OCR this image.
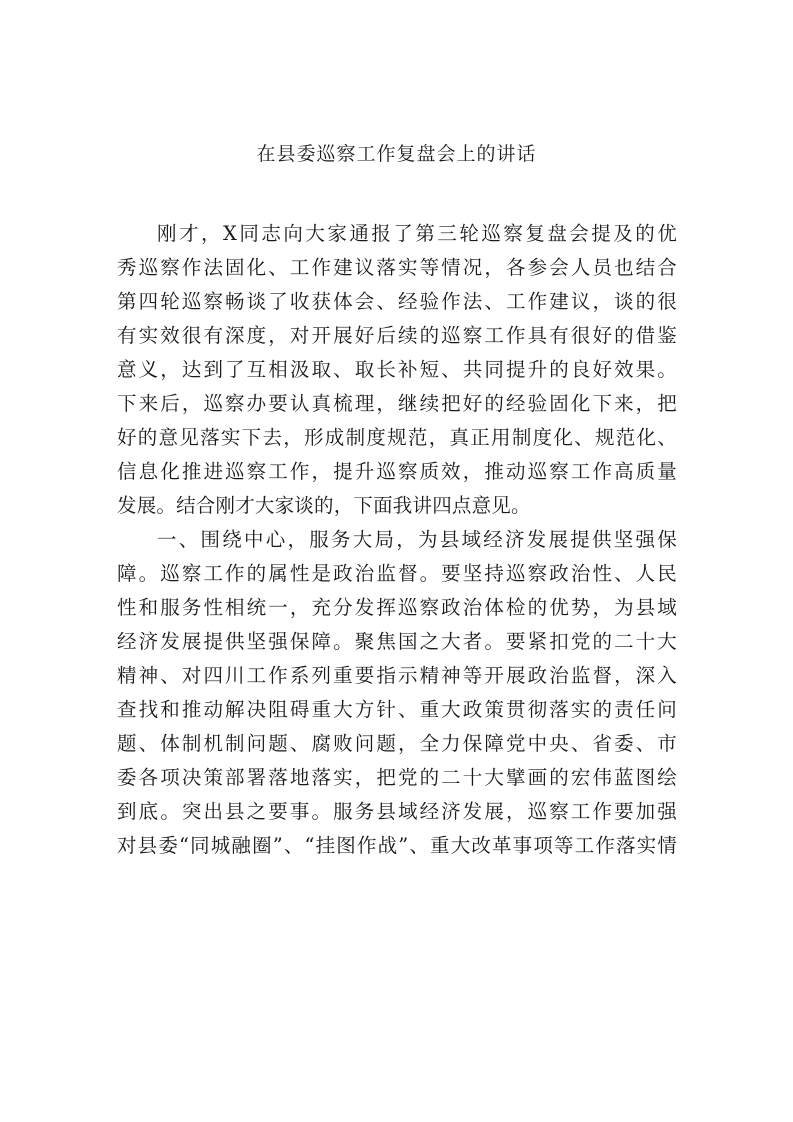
在县委巡察工作复盘会上的讲话
刚才，X同志向大家通报了第三轮巡察复盘会提及的优
秀巡察作法固化、工作建议落实等情况，各参会人员也结合
第四轮巡察畅谈了收获体会、经验作法、工作建议，谈的很
有实效很有深度，对开展好后续的巡察工作具有很好的借鉴
意义，达到了互相汲取、取长补短、共同提升的良好效果。
下来后，巡察办要认真梳理，继续把好的经验固化下来，把
好的意见落实下去，形成制度规范，真正用制度化、规范化、
信息化推进巡察工作，提升巡察质效，推动巡察工作高质量
发展。结合刚才大家谈的，下面我讲四点意见。
一、围绕中心，服务大局，为县域经济发展提供坚强保
障。巡察工作的属性是政治监督。要坚持巡察政治性、人民
性和服务性相统一，充分发挥巡察政治体检的优势，为县域
经济发展提供坚强保障。聚焦国之大者。要紧扣党的二十大
精神、对四川工作系列重要指示精神等开展政治监督，深入
查找和推动解决阻碍重大方针、重大政策贯彻落实的责任问
题、体制机制问题、腐败问题，全力保障党中央、省委、市
委各项决策部署落地落实，把党的二十大擘画的宏伟蓝图绘
到底。突出县之要事。服务县域经济发展，巡察工作要加强
对县委“同城融圈”、“挂图作战”、重大改革事项等工作落实情
